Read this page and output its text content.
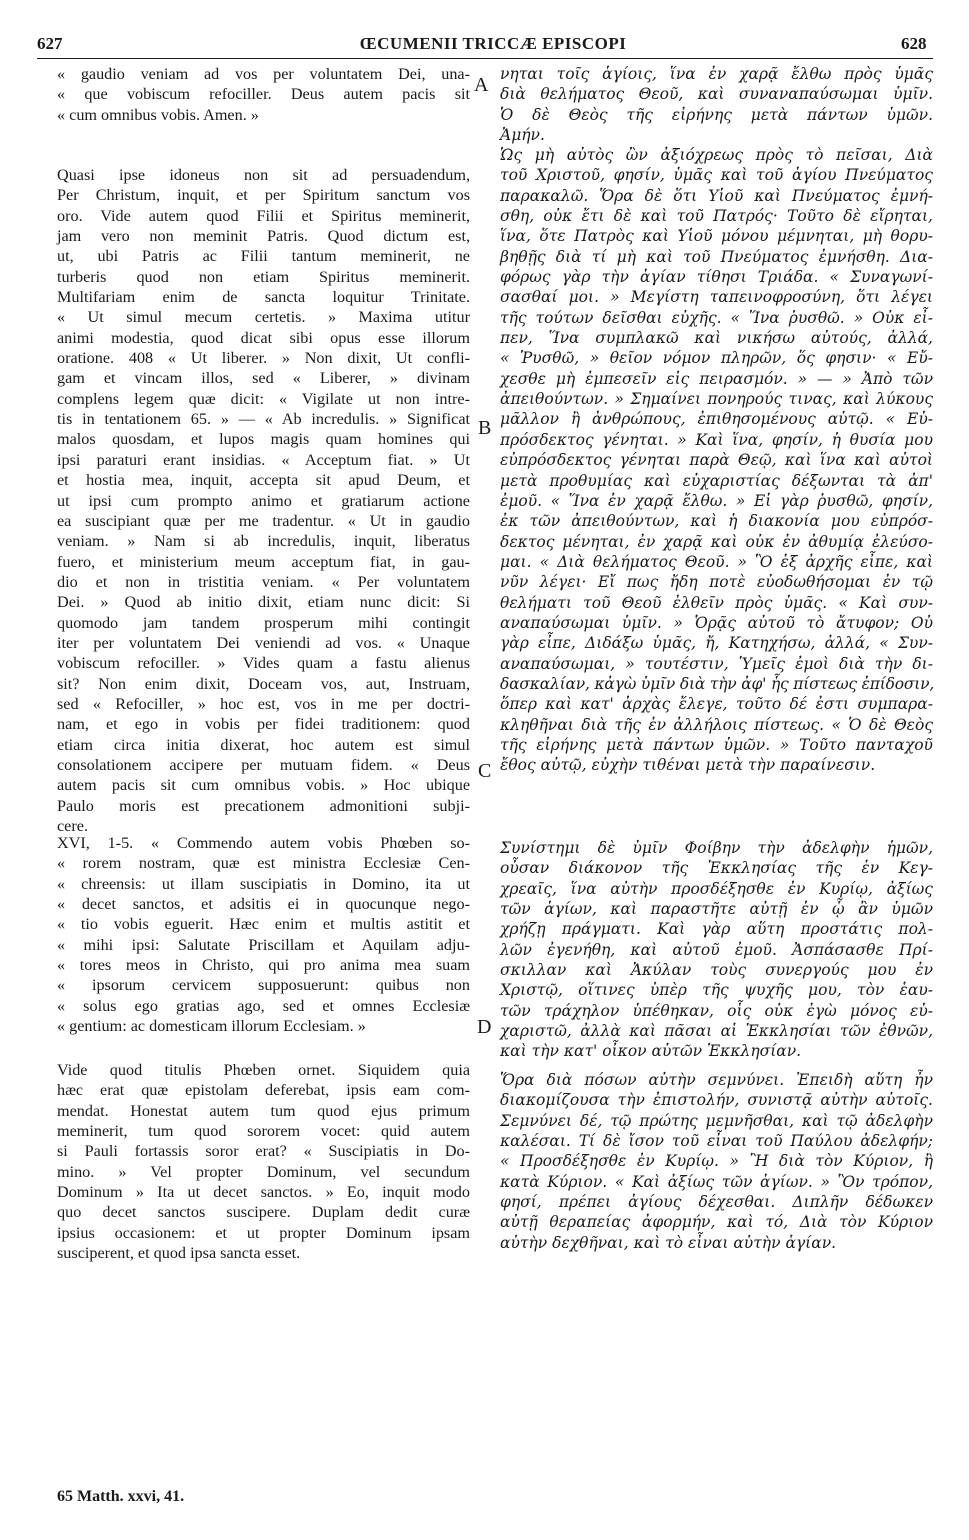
627	ŒCUMENII TRICCÆ EPISCOPI	628
« gaudio veniam ad vos per voluntatem Dei, una-
« que vobiscum refociller. Deus autem pacis sit
« cum omnibus vobis. Amen. »
Quasi ipse idoneus non sit ad persuadendum,
Per Christum, inquit, et per Spiritum sanctum vos
oro. Vide autem quod Filii et Spiritus meminerit,
jam vero non meminit Patris. Quod dictum est,
ut, ubi Patris ac Filii tantum meminerit, ne
turberis quod non etiam Spiritus meminerit.
Multifariam enim de sancta loquitur Trinitate.
« Ut simul mecum certetis. » Maxima utitur
animi modestia, quod dicat sibi opus esse illorum
oratione. 408 « Ut liberer. » Non dixit, Ut confli-
gam et vincam illos, sed « Liberer, » divinam
complens legem quæ dicit: « Vigilate ut non intre-
tis in tentationem 65. » — « Ab incredulis. » Significat
malos quosdam, et lupos magis quam homines qui
ipsi paraturi erant insidias. « Acceptum fiat. » Ut
et hostia mea, inquit, accepta sit apud Deum, et
ut ipsi cum prompto animo et gratiarum actione
ea suscipiant quæ per me tradentur. « Ut in gaudio
veniam. » Nam si ab incredulis, inquit, liberatus
fuero, et ministerium meum acceptum fiat, in gau-
dio et non in tristitia veniam. « Per voluntatem
Dei. » Quod ab initio dixit, etiam nunc dicit: Si
quomodo jam tandem prosperum mihi contingit
iter per voluntatem Dei veniendi ad vos. « Unaque
vobiscum refociller. » Vides quam a fastu alienus
sit? Non enim dixit, Doceam vos, aut, Instruam,
sed « Refociller, » hoc est, vos in me per doctri-
nam, et ego in vobis per fidei traditionem: quod
etiam circa initia dixerat, hoc autem est simul
consolationem accipere per mutuam fidem. « Deus
autem pacis sit cum omnibus vobis. » Hoc ubique
Paulo moris est precationem admonitioni subji-
cere.
XVI, 1-5. « Commendo autem vobis Phœben so-
« rorem nostram, quæ est ministra Ecclesiæ Cen-
« chreensis: ut illam suscipiatis in Domino, ita ut
« decet sanctos, et adsitis ei in quocunque nego-
« tio vobis eguerit. Hæc enim et multis astitit et
« mihi ipsi: Salutate Priscillam et Aquilam adju-
« tores meos in Christo, qui pro anima mea suam
« ipsorum cervicem supposuerunt: quibus non
« solus ego gratias ago, sed et omnes Ecclesiæ
« gentium: ac domesticam illorum Ecclesiam. »
Vide quod titulis Phœben ornet. Siquidem quia
hæc erat quæ epistolam deferebat, ipsis eam com-
mendat. Honestat autem tum quod ejus primum
meminerit, tum quod sororem vocet: quid autem
si Pauli fortassis soror erat? « Suscipiatis in Do-
mino. » Vel propter Dominum, vel secundum
Dominum » Ita ut decet sanctos. » Eo, inquit modo
quo decet sanctos suscipere. Duplam dedit curæ
ipsius occasionem: et ut propter Dominum ipsam
susciperent, et quod ipsa sancta esset.
νηται τοῖς ἁγίοις, ἵνα ἐν χαρᾷ ἔλθω πρὸς ὑμᾶς
διὰ θελήματος Θεοῦ, καὶ συναναπαύσωμαι ὑμῖν.
Ὁ δὲ Θεὸς τῆς εἰρήνης μετὰ πάντων ὑμῶν.
Ἀμήν.
Ὡς μὴ αὐτὸς ὢν ἀξιόχρεως πρὸς τὸ πεῖσαι, Διὰ
τοῦ Χριστοῦ, φησίν, ὑμᾶς καὶ τοῦ ἁγίου Πνεύματος
παρακαλῶ. Ὅρα δὲ ὅτι Υἱοῦ καὶ Πνεύματος ἐμνή-
σθη, οὐκ ἔτι δὲ καὶ τοῦ Πατρός· Τοῦτο δὲ εἴρηται,
ἵνα, ὅτε Πατρὸς καὶ Υἱοῦ μόνου μέμνηται, μὴ θορυ-
βηθῇς διὰ τί μὴ καὶ τοῦ Πνεύματος ἐμνήσθη. Δια-
φόρως γὰρ τὴν ἁγίαν τίθησι Τριάδα. « Συναγωνί-
σασθαί μοι. » Μεγίστη ταπεινοφροσύνη, ὅτι λέγει
τῆς τούτων δεῖσθαι εὐχῆς. « Ἵνα ῥυσθῶ. » Οὐκ εἶ-
πεν, Ἵνα συμπλακῶ καὶ νικήσω αὐτούς, ἀλλά,
« Ῥυσθῶ, » θεῖον νόμον πληρῶν, ὅς φησιν· « Εὔ-
χεσθε μὴ ἐμπεσεῖν εἰς πειρασμόν. » — » Ἀπὸ τῶν
ἀπειθούντων. » Σημαίνει πονηρούς τινας, καὶ λύκους
μᾶλλον ἢ ἀνθρώπους, ἐπιθησομένους αὐτῷ. « Εὐ-
πρόσδεκτος γένηται. » Καὶ ἵνα, φησίν, ἡ θυσία μου
εὐπρόσδεκτος γένηται παρὰ Θεῷ, καὶ ἵνα καὶ αὐτοὶ
μετὰ προθυμίας καὶ εὐχαριστίας δέξωνται τὰ ἀπ'
ἐμοῦ. « Ἵνα ἐν χαρᾷ ἔλθω. » Εἰ γὰρ ῥυσθῶ, φησίν,
ἐκ τῶν ἀπειθούντων, καὶ ἡ διακονία μου εὐπρόσ-
δεκτος μένηται, ἐν χαρᾷ καὶ οὐκ ἐν ἀθυμίᾳ ἐλεύσο-
μαι. « Διὰ θελήματος Θεοῦ. » Ὃ ἐξ ἀρχῆς εἶπε, καὶ
νῦν λέγει· Εἴ πως ἤδη ποτὲ εὐοδωθήσομαι ἐν τῷ
θελήματι τοῦ Θεοῦ ἐλθεῖν πρὸς ὑμᾶς. « Καὶ συν-
αναπαύσωμαι ὑμῖν. » Ὁρᾷς αὐτοῦ τὸ ἄτυφον; Οὐ
γὰρ εἶπε, Διδάξω ὑμᾶς, ἤ, Κατηχήσω, ἀλλά, « Συν-
αναπαύσωμαι, » τουτέστιν, Ὑμεῖς ἐμοὶ διὰ τὴν δι-
δασκαλίαν, κἀγὼ ὑμῖν διὰ τὴν ἀφ' ἧς πίστεως ἐπίδοσιν,
ὅπερ καὶ κατ' ἀρχὰς ἔλεγε, τοῦτο δέ ἐστι συμπαρα-
κληθῆναι διὰ τῆς ἐν ἀλλήλοις πίστεως. « Ὁ δὲ Θεὸς
τῆς εἰρήνης μετὰ πάντων ὑμῶν. » Τοῦτο πανταχοῦ
ἔθος αὐτῷ, εὐχὴν τιθέναι μετὰ τὴν παραίνεσιν.
Συνίστημι δὲ ὑμῖν Φοίβην τὴν ἀδελφὴν ἡμῶν,
οὖσαν διάκονον τῆς Ἐκκλησίας τῆς ἐν Κεγ-
χρεαῖς, ἵνα αὐτὴν προσδέξησθε ἐν Κυρίῳ, ἀξίως
τῶν ἁγίων, καὶ παραστῆτε αὐτῇ ἐν ᾧ ἂν ὑμῶν
χρήζῃ πράγματι. Καὶ γὰρ αὕτη προστάτις πολ-
λῶν ἐγενήθη, καὶ αὐτοῦ ἐμοῦ. Ἀσπάσασθε Πρί-
σκιλλαν καὶ Ἀκύλαν τοὺς συνεργούς μου ἐν
Χριστῷ, οἵτινες ὑπὲρ τῆς ψυχῆς μου, τὸν ἑαυ-
τῶν τράχηλον ὑπέθηκαν, οἷς οὐκ ἐγὼ μόνος εὐ-
χαριστῶ, ἀλλὰ καὶ πᾶσαι αἱ Ἐκκλησίαι τῶν ἐθνῶν,
καὶ τὴν κατ' οἶκον αὐτῶν Ἐκκλησίαν.
Ὅρα διὰ πόσων αὐτὴν σεμνύνει. Ἐπειδὴ αὕτη ἦν
διακομίζουσα τὴν ἐπιστολήν, συνιστᾷ αὐτὴν αὐτοῖς.
Σεμνύνει δέ, τῷ πρώτης μεμνῆσθαι, καὶ τῷ ἀδελφὴν
καλέσαι. Τί δὲ ἴσον τοῦ εἶναι τοῦ Παύλου ἀδελφήν;
« Προσδέξησθε ἐν Κυρίῳ. » Ἢ διὰ τὸν Κύριον, ἢ
κατὰ Κύριον. « Καὶ ἀξίως τῶν ἁγίων. » Ὃν τρόπον,
φησί, πρέπει ἁγίους δέχεσθαι. Διπλῆν δέδωκεν
αὐτῇ θεραπείας ἀφορμήν, καὶ τό, Διὰ τὸν Κύριον
αὐτὴν δεχθῆναι, καὶ τὸ εἶναι αὐτὴν ἁγίαν.
A
B
C
D
65 Matth. xxvi, 41.
